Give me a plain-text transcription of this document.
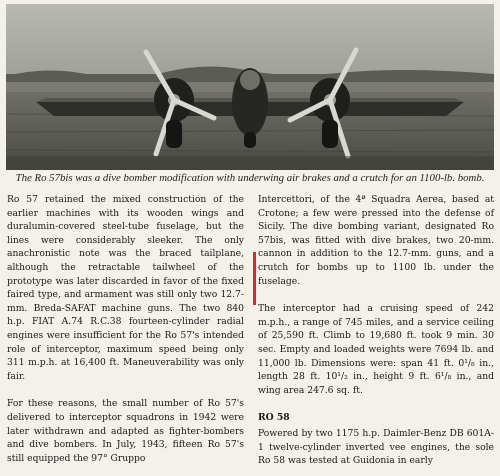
The Ro 57bis was a dive bomber modification with underwing air brakes and a crutch for an 1100-lb. bomb.

Ro 57 retained the mixed construction of the earlier machines with its wooden wings and duralumin-covered steel-tube fuselage, but the lines were considerably sleeker. The only anachronistic note was the braced tailplane, although the retractable tailwheel of the prototype was later discarded in favor of the fixed faired type, and armament was still only two 12.7-mm. Breda-SAFAT machine guns. The two 840 h.p. FIAT A.74 R.C.38 fourteen-cylinder radial engines were insufficient for the Ro 57's intended role of interceptor, maximum speed being only 311 m.p.h. at 16,400 ft. Maneuverability was only fair.

For these reasons, the small number of Ro 57's delivered to interceptor squadrons in 1942 were later withdrawn and adapted as fighter-bombers and dive bombers. In July, 1943, fifteen Ro 57's still equipped the 97° Gruppo

Intercettori, of the 4ª Squadra Aerea, based at Crotone; a few were pressed into the defense of Sicily. The dive bombing variant, designated Ro 57bis, was fitted with dive brakes, two 20-mm. cannon in addition to the 12.7-mm. guns, and a crutch for bombs up to 1100 lb. under the fuselage.

The interceptor had a cruising speed of 242 m.p.h., a range of 745 miles, and a service ceiling of 25,590 ft. Climb to 19,680 ft. took 9 min. 30 sec. Empty and loaded weights were 7694 lb. and 11,000 lb. Dimensions were: span 41 ft. 0¹/₈ in., length 28 ft. 10¹/₂ in., height 9 ft. 6¹/₈ in., and wing area 247.6 sq. ft.

RO 58

Powered by two 1175 h.p. Daimler-Benz DB 601A-1 twelve-cylinder inverted vee engines, the sole Ro 58 was tested at Guidonia in early
